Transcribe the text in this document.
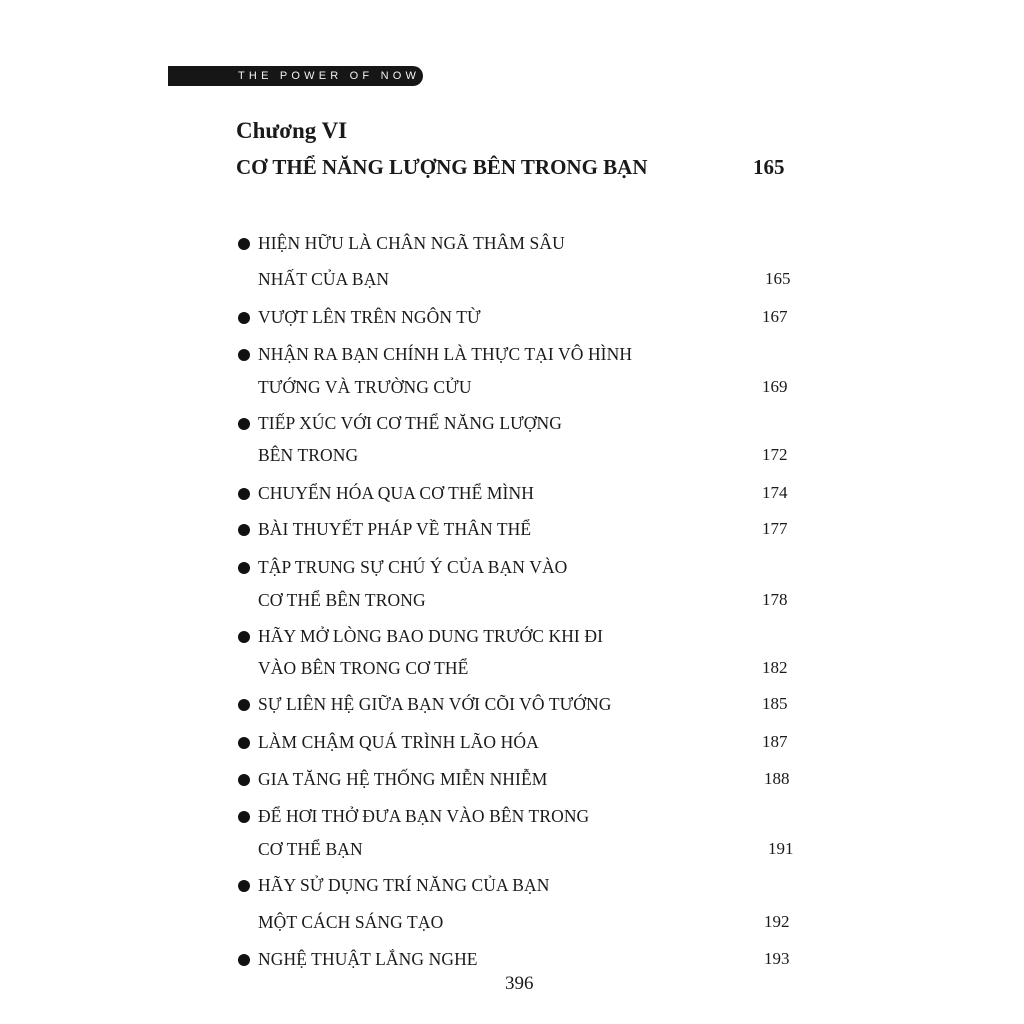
THE POWER OF NOW
Chương VI
CƠ THỂ NĂNG LƯỢNG BÊN TRONG BẠN	165
HIỆN HỮU LÀ CHÂN NGÃ THÂM SÂU
NHẤT CỦA BẠN	165
VƯỢT LÊN TRÊN NGÔN TỪ	167
NHẬN RA BẠN CHÍNH LÀ THỰC TẠI VÔ HÌNH
TƯỚNG VÀ TRƯỜNG CỬU	169
TIẾP XÚC VỚI CƠ THỂ NĂNG LƯỢNG
BÊN TRONG	172
CHUYỂN HÓA QUA CƠ THỂ MÌNH	174
BÀI THUYẾT PHÁP VỀ THÂN THỂ	177
TẬP TRUNG SỰ CHÚ Ý CỦA BẠN VÀO
CƠ THỂ BÊN TRONG	178
HÃY MỞ LÒNG BAO DUNG TRƯỚC KHI ĐI
VÀO BÊN TRONG CƠ THỂ	182
SỰ LIÊN HỆ GIỮA BẠN VỚI CÕI VÔ TƯỚNG	185
LÀM CHẬM QUÁ TRÌNH LÃO HÓA	187
GIA TĂNG HỆ THỐNG MIỄN NHIỄM	188
ĐỂ HƠI THỞ ĐƯA BẠN VÀO BÊN TRONG
CƠ THỂ BẠN	191
HÃY SỬ DỤNG TRÍ NĂNG CỦA BẠN
MỘT CÁCH SÁNG TẠO	192
NGHỆ THUẬT LẮNG NGHE	193
396
